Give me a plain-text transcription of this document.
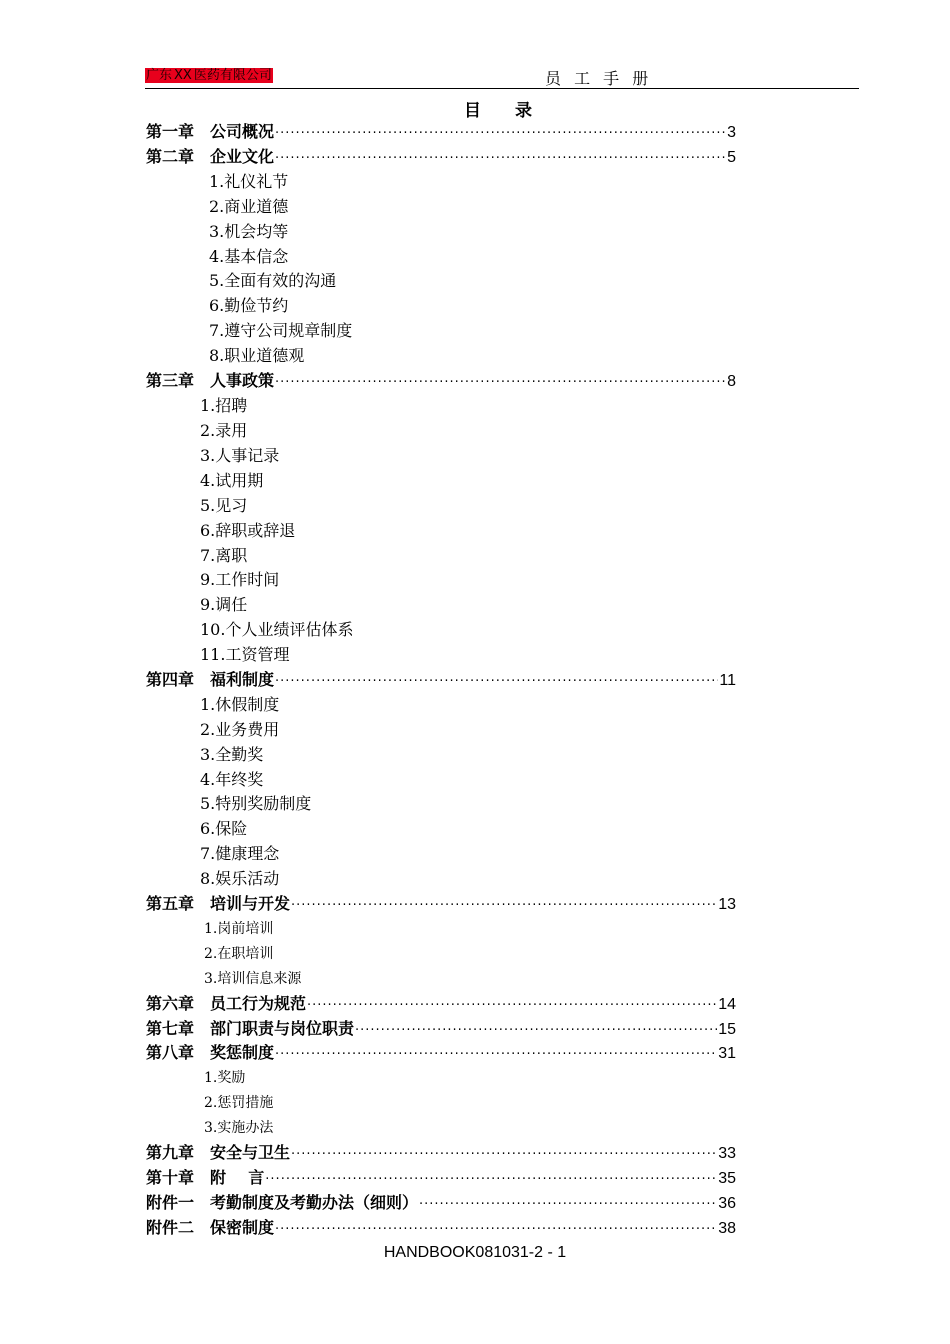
广东 XX 医药有限公司	员 工 手 册
目 录
第一章 公司概况 ·····	3
第二章 企业文化 ·····	5
1.礼仪礼节
2.商业道德
3.机会均等
4.基本信念
5.全面有效的沟通
6.勤俭节约
7.遵守公司规章制度
8.职业道德观
第三章 人事政策 ·····	8
1.招聘
2.录用
3.人事记录
4.试用期
5.见习
6.辞职或辞退
7.离职
9.工作时间
9.调任
10.个人业绩评估体系
11.工资管理
第四章 福利制度 ·····	11
1.休假制度
2.业务费用
3.全勤奖
4.年终奖
5.特别奖励制度
6.保险
7.健康理念
8.娱乐活动
第五章 培训与开发 ·····	13
1.岗前培训
2.在职培训
3.培训信息来源
第六章 员工行为规范 ·····	14
第七章 部门职责与岗位职责 ·····	15
第八章 奖惩制度 ·····	31
1.奖励
2.惩罚措施
3.实施办法
第九章 安全与卫生 ·····	33
第十章 附    言 ·····	35
附件一 考勤制度及考勤办法（细则） ·····	36
附件二 保密制度 ·····	38
HANDBOOK081031-2 - 1
